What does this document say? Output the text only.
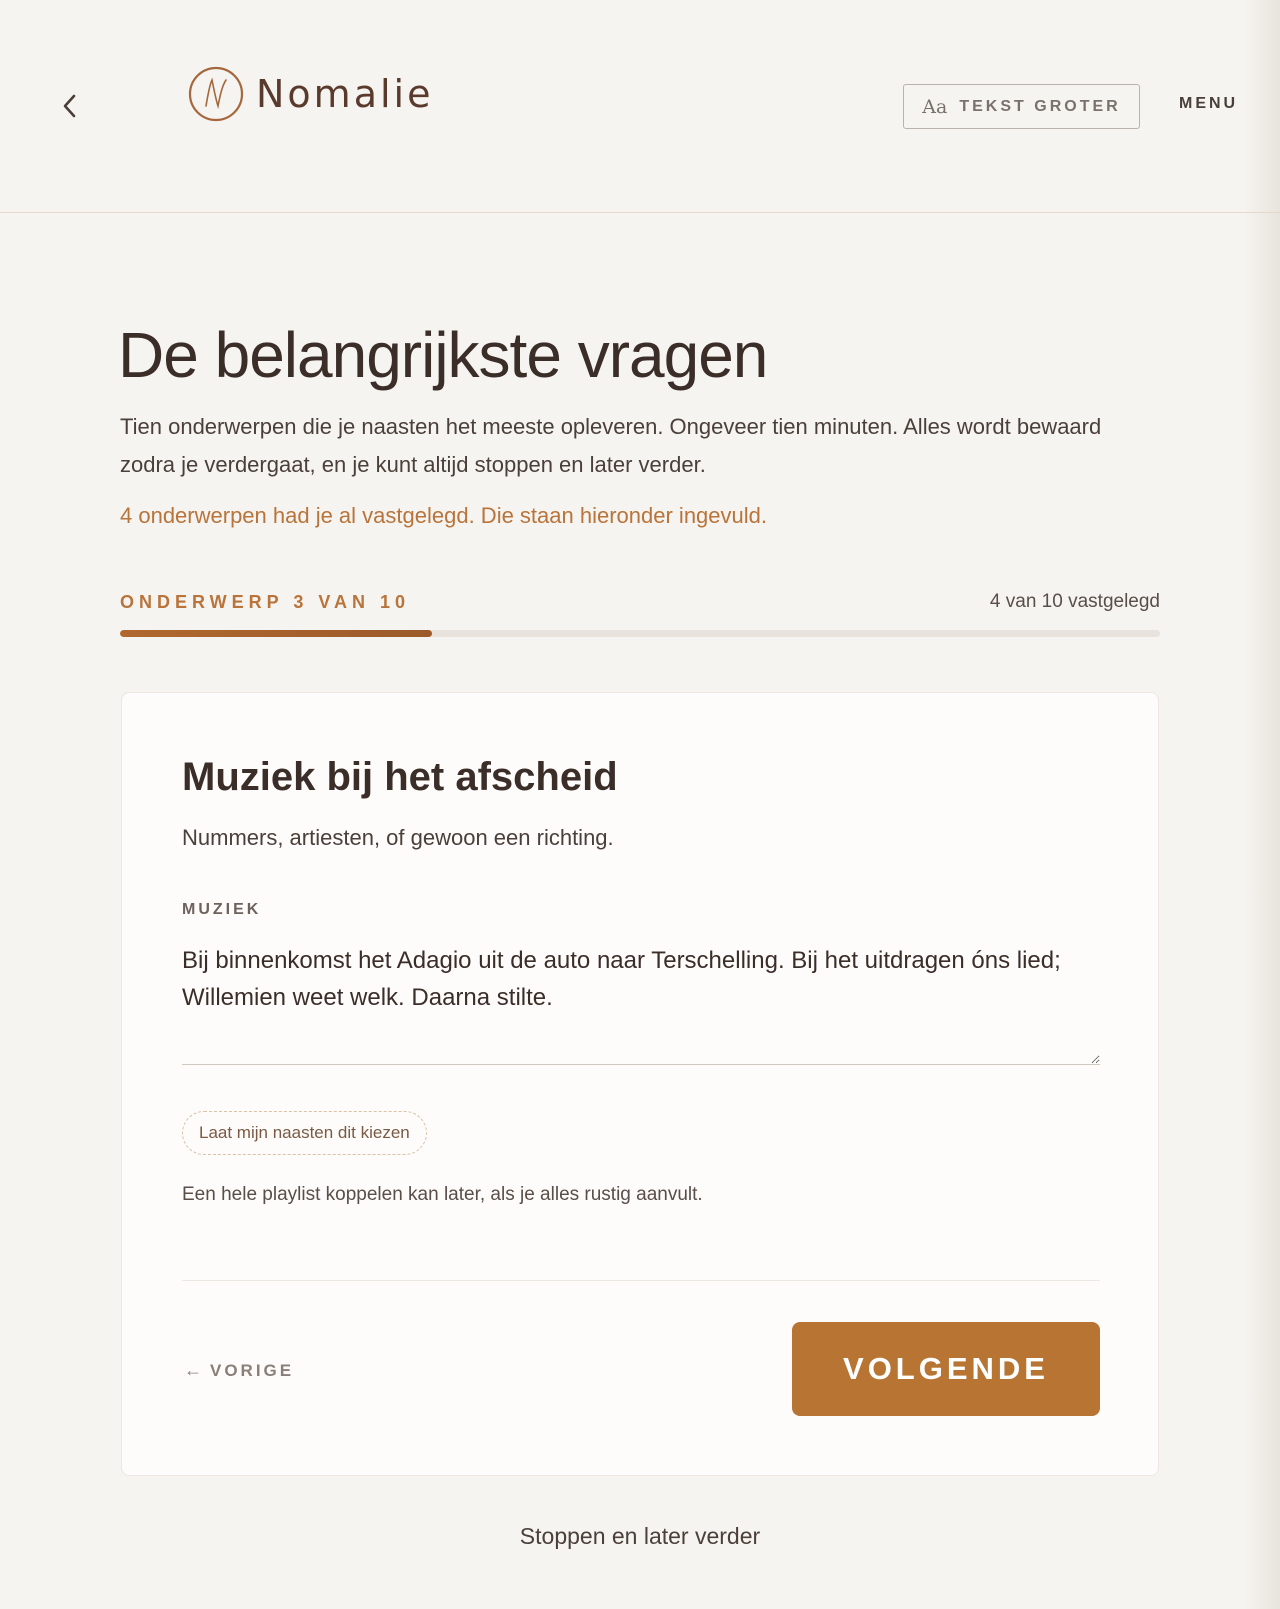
Nomalie	Aa TEKST GROTER	MENU
De belangrijkste vragen

Tien onderwerpen die je naasten het meeste opleveren. Ongeveer tien minuten. Alles wordt bewaard zodra je verdergaat, en je kunt altijd stoppen en later verder.

4 onderwerpen had je al vastgelegd. Die staan hieronder ingevuld.

ONDERWERP 3 VAN 10	4 van 10 vastgelegd
Muziek bij het afscheid

Nummers, artiesten, of gewoon een richting.

MUZIEK
Bij binnenkomst het Adagio uit de auto naar Terschelling. Bij het uitdragen óns lied; Willemien weet welk. Daarna stilte.
Laat mijn naasten dit kiezen

Een hele playlist koppelen kan later, als je alles rustig aanvult.

← VORIGE	VOLGENDE
Stoppen en later verder
